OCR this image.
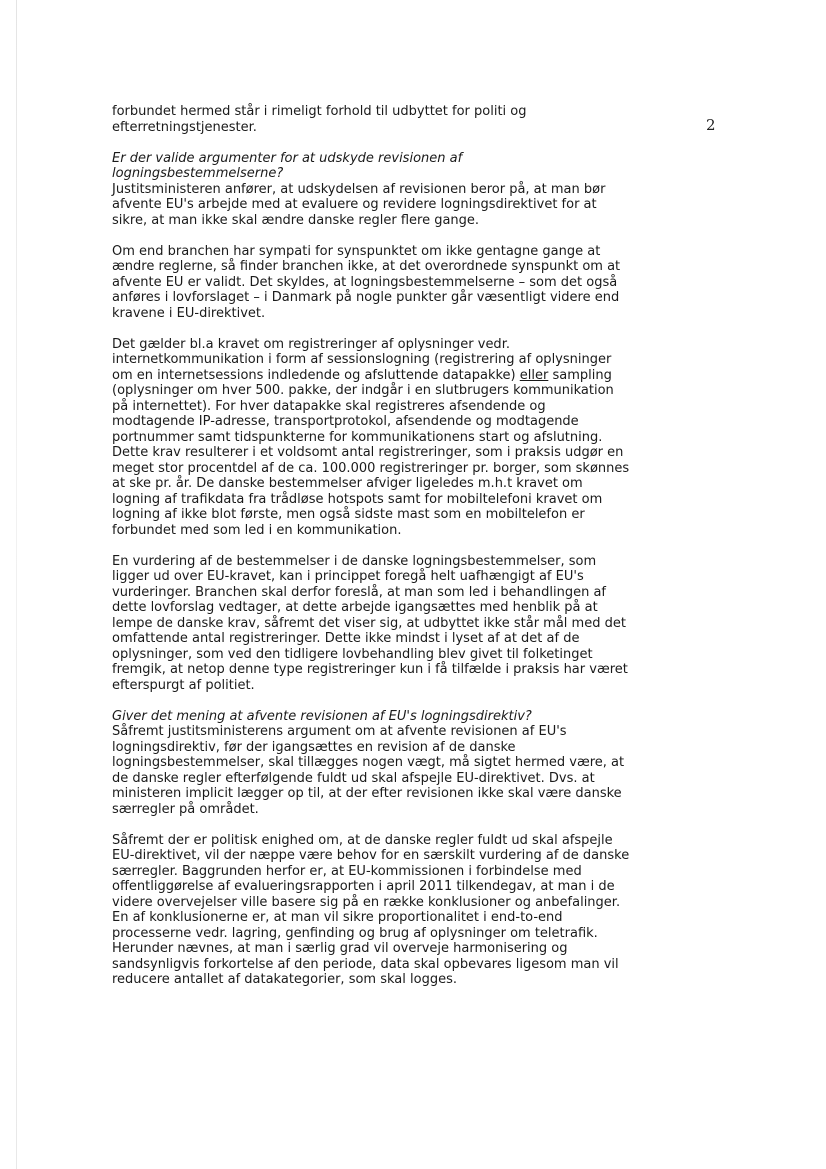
2

forbundet hermed står i rimeligt forhold til udbyttet for politi og efterretningstjenester.

Er der valide argumenter for at udskyde revisionen af logningsbestemmelserne?

Justitsministeren anfører, at udskydelsen af revisionen beror på, at man bør afvente EU's arbejde med at evaluere og revidere logningsdirektivet for at sikre, at man ikke skal ændre danske regler flere gange.

Om end branchen har sympati for synspunktet om ikke gentagne gange at ændre reglerne, så finder branchen ikke, at det overordnede synspunkt om at afvente EU er validt. Det skyldes, at logningsbestemmelserne – som det også anføres i lovforslaget – i Danmark på nogle punkter går væsentligt videre end kravene i EU-direktivet.

Det gælder bl.a kravet om registreringer af oplysninger vedr. internetkommunikation i form af sessionslogning (registrering af oplysninger om en internetsessions indledende og afsluttende datapakke) eller sampling (oplysninger om hver 500. pakke, der indgår i en slutbrugers kommunikation på internettet). For hver datapakke skal registreres afsendende og modtagende IP-adresse, transportprotokol, afsendende og modtagende portnummer samt tidspunkterne for kommunikationens start og afslutning. Dette krav resulterer i et voldsomt antal registreringer, som i praksis udgør en meget stor procentdel af de ca. 100.000 registreringer pr. borger, som skønnes at ske pr. år. De danske bestemmelser afviger ligeledes m.h.t kravet om logning af trafikdata fra trådløse hotspots samt for mobiltelefoni kravet om logning af ikke blot første, men også sidste mast som en mobiltelefon er forbundet med som led i en kommunikation.

En vurdering af de bestemmelser i de danske logningsbestemmelser, som ligger ud over EU-kravet, kan i princippet foregå helt uafhængigt af EU's vurderinger. Branchen skal derfor foreslå, at man som led i behandlingen af dette lovforslag vedtager, at dette arbejde igangsættes med henblik på at lempe de danske krav, såfremt det viser sig, at udbyttet ikke står mål med det omfattende antal registreringer. Dette ikke mindst i lyset af at det af de oplysninger, som ved den tidligere lovbehandling blev givet til folketinget fremgik, at netop denne type registreringer kun i få tilfælde i praksis har været efterspurgt af politiet.

Giver det mening at afvente revisionen af EU's logningsdirektiv?

Såfremt justitsministerens argument om at afvente revisionen af EU's logningsdirektiv, før der igangsættes en revision af de danske logningsbestemmelser, skal tillægges nogen vægt, må sigtet hermed være, at de danske regler efterfølgende fuldt ud skal afspejle EU-direktivet. Dvs. at ministeren implicit lægger op til, at der efter revisionen ikke skal være danske særregler på området.

Såfremt der er politisk enighed om, at de danske regler fuldt ud skal afspejle EU-direktivet, vil der næppe være behov for en særskilt vurdering af de danske særregler. Baggrunden herfor er, at EU-kommissionen i forbindelse med offentliggørelse af evalueringsrapporten i april 2011 tilkendegav, at man i de videre overvejelser ville basere sig på en række konklusioner og anbefalinger. En af konklusionerne er, at man vil sikre proportionalitet i end-to-end processerne vedr. lagring, genfinding og brug af oplysninger om teletrafik. Herunder nævnes, at man i særlig grad vil overveje harmonisering og sandsynligvis forkortelse af den periode, data skal opbevares ligesom man vil reducere antallet af datakategorier, som skal logges.
